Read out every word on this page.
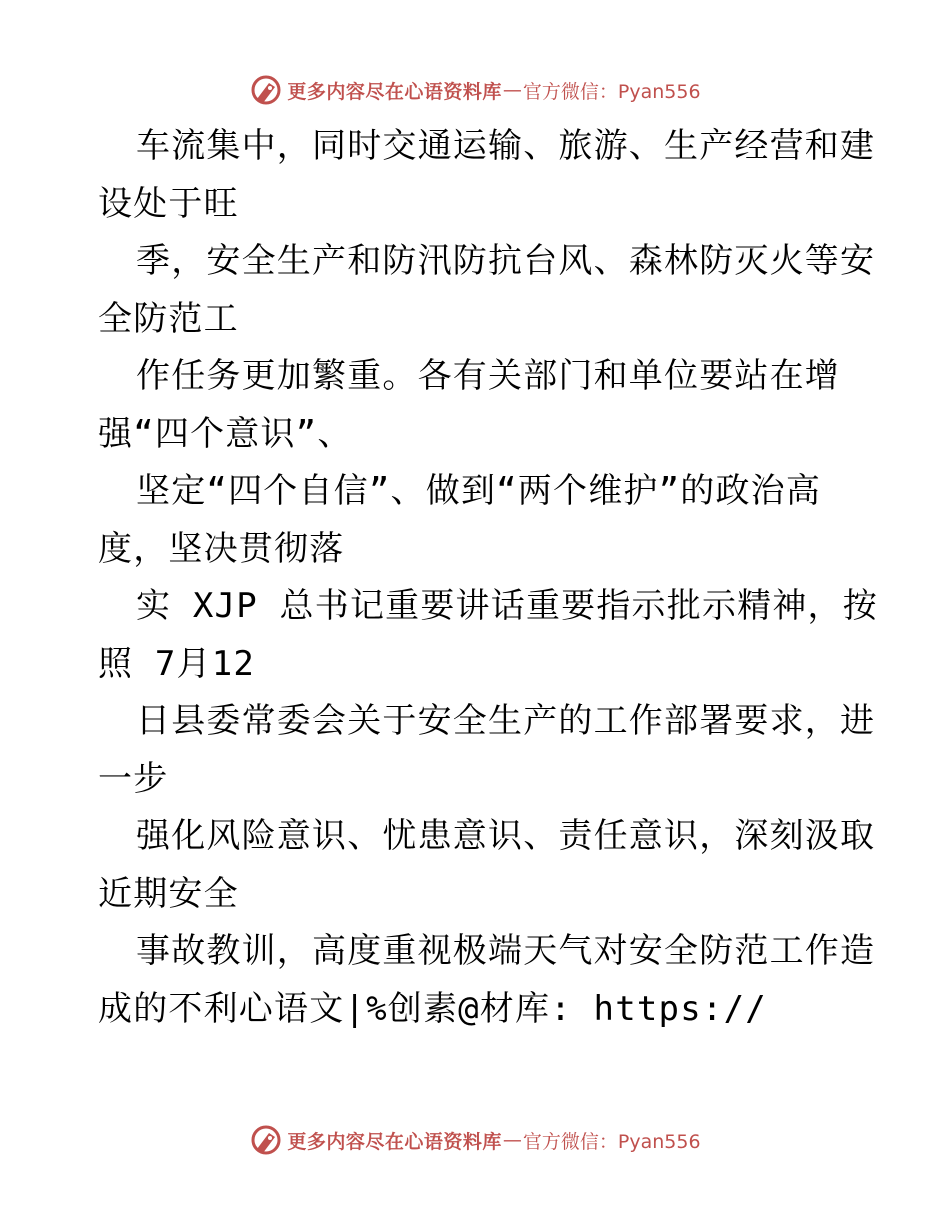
更多内容尽在心语资料库 — 官方微信：Pyan556
车流集中，同时交通运输、旅游、生产经营和建
设处于旺
季，安全生产和防汛防抗台风、森林防灭火等安
全防范工
作任务更加繁重。各有关部门和单位要站在增
强“四个意识”、
坚定“四个自信”、做到“两个维护”的政治高
度，坚决贯彻落
实 XJP 总书记重要讲话重要指示批示精神，按
照 7月12
日县委常委会关于安全生产的工作部署要求，进
一步
强化风险意识、忧患意识、责任意识，深刻汲取
近期安全
事故教训，高度重视极端天气对安全防范工作造
成的不利心语文|%创素@材库: https://
更多内容尽在心语资料库 — 官方微信：Pyan556
